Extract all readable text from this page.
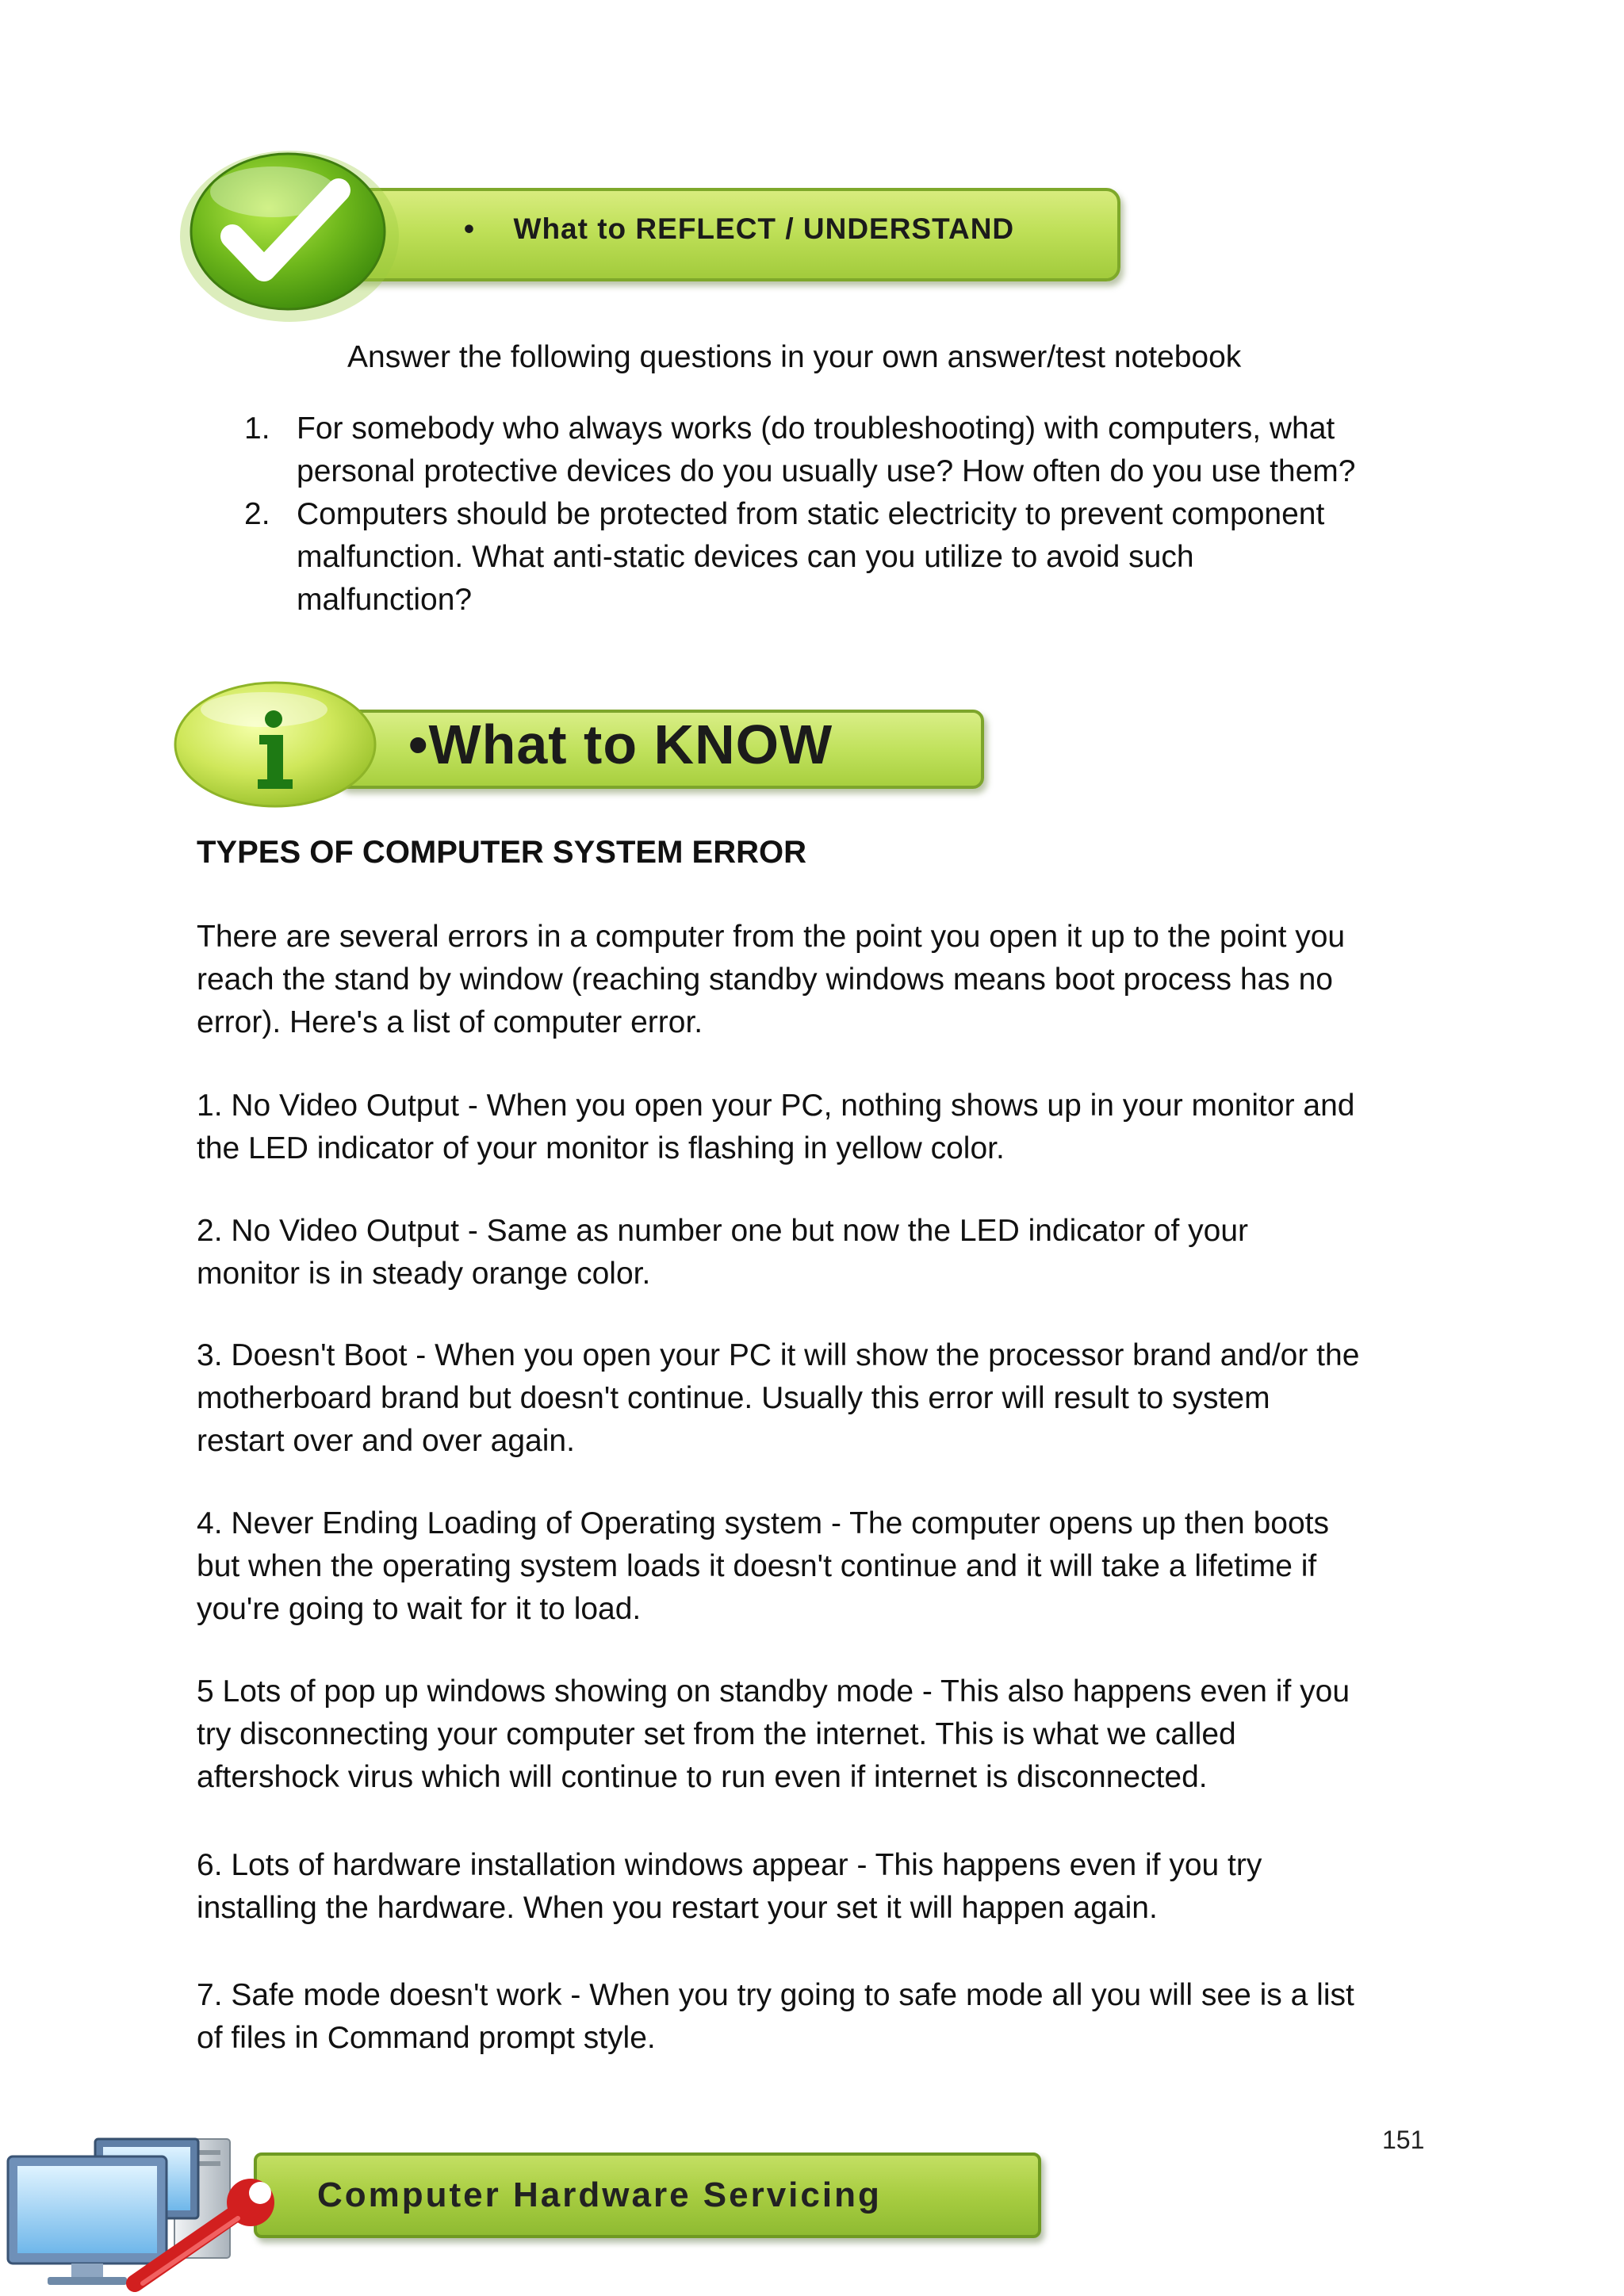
• What to REFLECT / UNDERSTAND
Answer the following questions in your own answer/test notebook
1. For somebody who always works (do troubleshooting) with computers, what
personal protective devices do you usually use? How often do you use them?
2. Computers should be protected from static electricity to prevent component
malfunction. What anti-static devices can you utilize to avoid such
malfunction?
•What to KNOW
TYPES OF COMPUTER SYSTEM ERROR
There are several errors in a computer from the point you open it up to the point you
reach the stand by window (reaching standby windows means boot process has no
error). Here's a list of computer error.
1. No Video Output - When you open your PC, nothing shows up in your monitor and
the LED indicator of your monitor is flashing in yellow color.
2. No Video Output - Same as number one but now the LED indicator of your
monitor is in steady orange color.
3. Doesn't Boot - When you open your PC it will show the processor brand and/or the
motherboard brand but doesn't continue. Usually this error will result to system
restart over and over again.
4. Never Ending Loading of Operating system - The computer opens up then boots
but when the operating system loads it doesn't continue and it will take a lifetime if
you're going to wait for it to load.
5 Lots of pop up windows showing on standby mode - This also happens even if you
try disconnecting your computer set from the internet. This is what we called
aftershock virus which will continue to run even if internet is disconnected.
6. Lots of hardware installation windows appear - This happens even if you try
installing the hardware. When you restart your set it will happen again.
7. Safe mode doesn't work - When you try going to safe mode all you will see is a list
of files in Command prompt style.
151
Computer Hardware Servicing
